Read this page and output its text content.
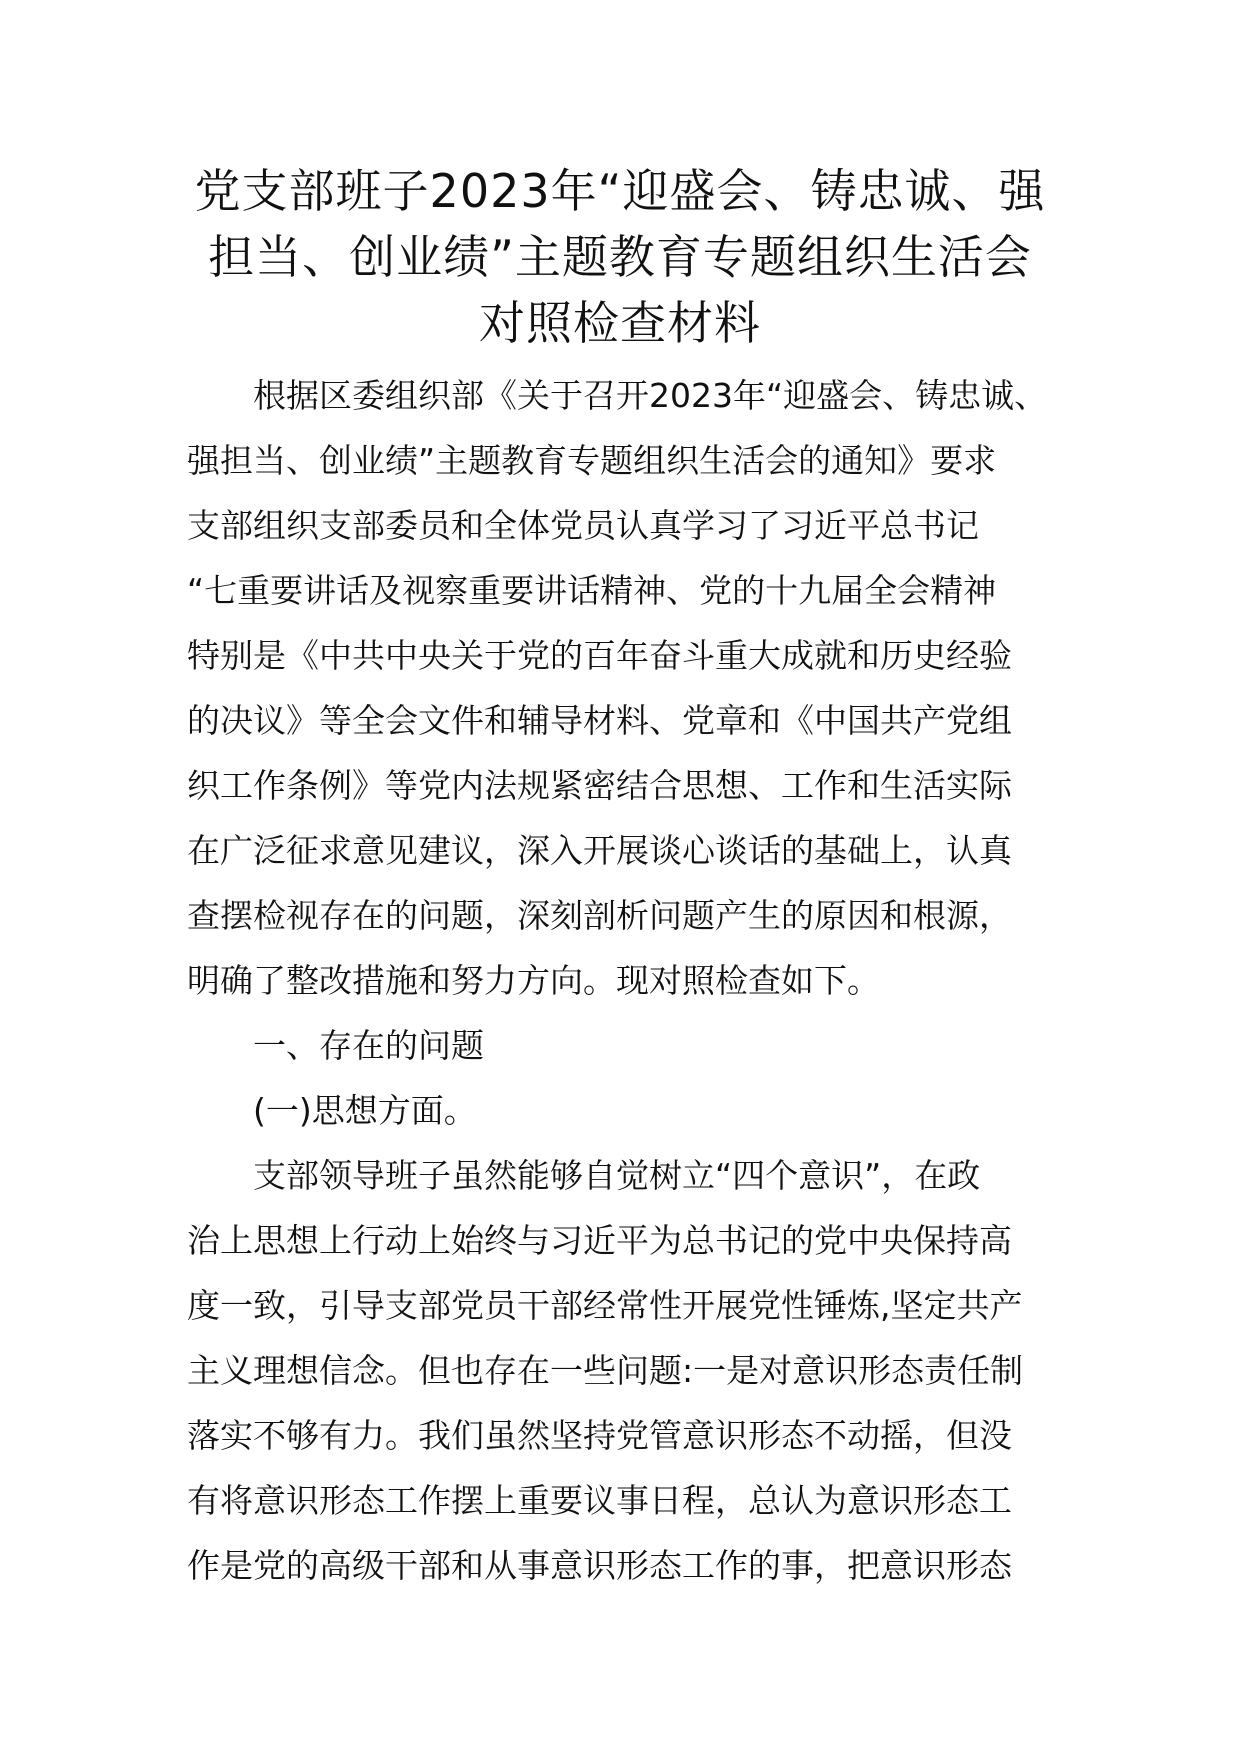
党支部班子2023年“迎盛会、铸忠诚、强
担当、创业绩”主题教育专题组织生活会
对照检查材料
根据区委组织部《关于召开2023年“迎盛会、铸忠诚、
强担当、创业绩”主题教育专题组织生活会的通知》要求
支部组织支部委员和全体党员认真学习了习近平总书记
“七重要讲话及视察重要讲话精神、党的十九届全会精神
特别是《中共中央关于党的百年奋斗重大成就和历史经验
的决议》等全会文件和辅导材料、党章和《中国共产党组
织工作条例》等党内法规紧密结合思想、工作和生活实际
在广泛征求意见建议，深入开展谈心谈话的基础上，认真
查摆检视存在的问题，深刻剖析问题产生的原因和根源，
明确了整改措施和努力方向。现对照检查如下。
一、存在的问题
(一)思想方面。
支部领导班子虽然能够自觉树立“四个意识”，在政
治上思想上行动上始终与习近平为总书记的党中央保持高
度一致，引导支部党员干部经常性开展党性锤炼,坚定共产
主义理想信念。但也存在一些问题:一是对意识形态责任制
落实不够有力。我们虽然坚持党管意识形态不动摇，但没
有将意识形态工作摆上重要议事日程，总认为意识形态工
作是党的高级干部和从事意识形态工作的事，把意识形态
